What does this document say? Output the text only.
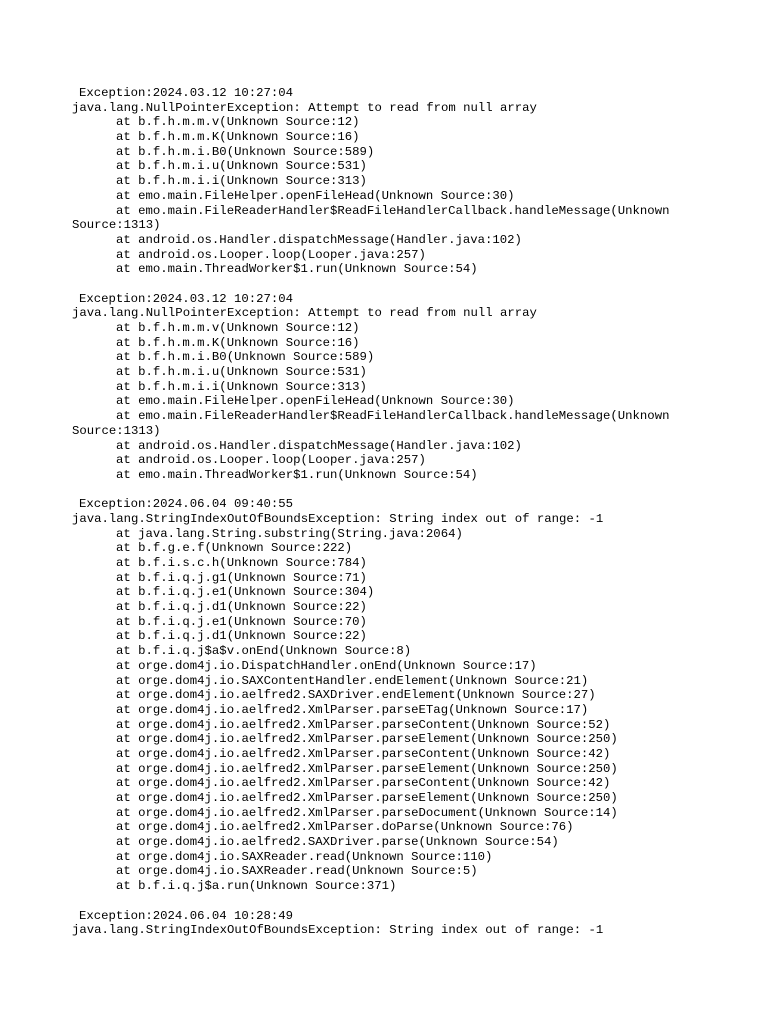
Exception:2024.03.12 10:27:04
java.lang.NullPointerException: Attempt to read from null array
at b.f.h.m.m.v(Unknown Source:12)
at b.f.h.m.m.K(Unknown Source:16)
at b.f.h.m.i.B0(Unknown Source:589)
at b.f.h.m.i.u(Unknown Source:531)
at b.f.h.m.i.i(Unknown Source:313)
at emo.main.FileHelper.openFileHead(Unknown Source:30)
at emo.main.FileReaderHandler$ReadFileHandlerCallback.handleMessage(Unknown
Source:1313)
at android.os.Handler.dispatchMessage(Handler.java:102)
at android.os.Looper.loop(Looper.java:257)
at emo.main.ThreadWorker$1.run(Unknown Source:54)
Exception:2024.03.12 10:27:04
java.lang.NullPointerException: Attempt to read from null array
at b.f.h.m.m.v(Unknown Source:12)
at b.f.h.m.m.K(Unknown Source:16)
at b.f.h.m.i.B0(Unknown Source:589)
at b.f.h.m.i.u(Unknown Source:531)
at b.f.h.m.i.i(Unknown Source:313)
at emo.main.FileHelper.openFileHead(Unknown Source:30)
at emo.main.FileReaderHandler$ReadFileHandlerCallback.handleMessage(Unknown
Source:1313)
at android.os.Handler.dispatchMessage(Handler.java:102)
at android.os.Looper.loop(Looper.java:257)
at emo.main.ThreadWorker$1.run(Unknown Source:54)
Exception:2024.06.04 09:40:55
java.lang.StringIndexOutOfBoundsException: String index out of range: -1
at java.lang.String.substring(String.java:2064)
at b.f.g.e.f(Unknown Source:222)
at b.f.i.s.c.h(Unknown Source:784)
at b.f.i.q.j.g1(Unknown Source:71)
at b.f.i.q.j.e1(Unknown Source:304)
at b.f.i.q.j.d1(Unknown Source:22)
at b.f.i.q.j.e1(Unknown Source:70)
at b.f.i.q.j.d1(Unknown Source:22)
at b.f.i.q.j$a$v.onEnd(Unknown Source:8)
at orge.dom4j.io.DispatchHandler.onEnd(Unknown Source:17)
at orge.dom4j.io.SAXContentHandler.endElement(Unknown Source:21)
at orge.dom4j.io.aelfred2.SAXDriver.endElement(Unknown Source:27)
at orge.dom4j.io.aelfred2.XmlParser.parseETag(Unknown Source:17)
at orge.dom4j.io.aelfred2.XmlParser.parseContent(Unknown Source:52)
at orge.dom4j.io.aelfred2.XmlParser.parseElement(Unknown Source:250)
at orge.dom4j.io.aelfred2.XmlParser.parseContent(Unknown Source:42)
at orge.dom4j.io.aelfred2.XmlParser.parseElement(Unknown Source:250)
at orge.dom4j.io.aelfred2.XmlParser.parseContent(Unknown Source:42)
at orge.dom4j.io.aelfred2.XmlParser.parseElement(Unknown Source:250)
at orge.dom4j.io.aelfred2.XmlParser.parseDocument(Unknown Source:14)
at orge.dom4j.io.aelfred2.XmlParser.doParse(Unknown Source:76)
at orge.dom4j.io.aelfred2.SAXDriver.parse(Unknown Source:54)
at orge.dom4j.io.SAXReader.read(Unknown Source:110)
at orge.dom4j.io.SAXReader.read(Unknown Source:5)
at b.f.i.q.j$a.run(Unknown Source:371)
Exception:2024.06.04 10:28:49
java.lang.StringIndexOutOfBoundsException: String index out of range: -1
